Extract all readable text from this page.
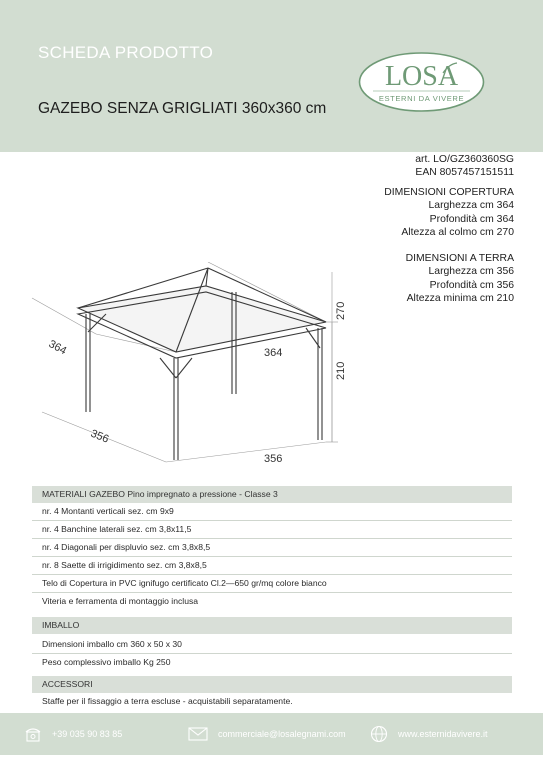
SCHEDA PRODOTTO
LOSA
ESTERNI DA VIVERE
GAZEBO SENZA GRIGLIATI 360x360 cm
art. LO/GZ360360SG
EAN 8057457151511
DIMENSIONI COPERTURA
Larghezza cm 364
Profondità cm 364
Altezza al colmo cm 270
DIMENSIONI A TERRA
Larghezza cm 356
Profondità cm 356
Altezza minima cm 210
364	364
270
210
356
356
MATERIALI GAZEBO Pino impregnato a pressione - Classe 3
nr. 4 Montanti verticali sez. cm 9x9
nr. 4 Banchine laterali sez. cm 3,8x11,5
nr. 4 Diagonali per displuvio sez. cm 3,8x8,5
nr. 8 Saette di irrigidimento sez. cm 3,8x8,5
Telo di Copertura in PVC ignifugo certificato Cl.2—650 gr/mq colore bianco
Viteria e ferramenta di montaggio inclusa
IMBALLO
Dimensioni imballo cm 360 x 50 x 30
Peso complessivo imballo Kg 250
ACCESSORI
Staffe per il fissaggio a terra escluse - acquistabili separatamente.
+39 035 90 83 85	commerciale@losalegnami.com	www.esternidavivere.it
